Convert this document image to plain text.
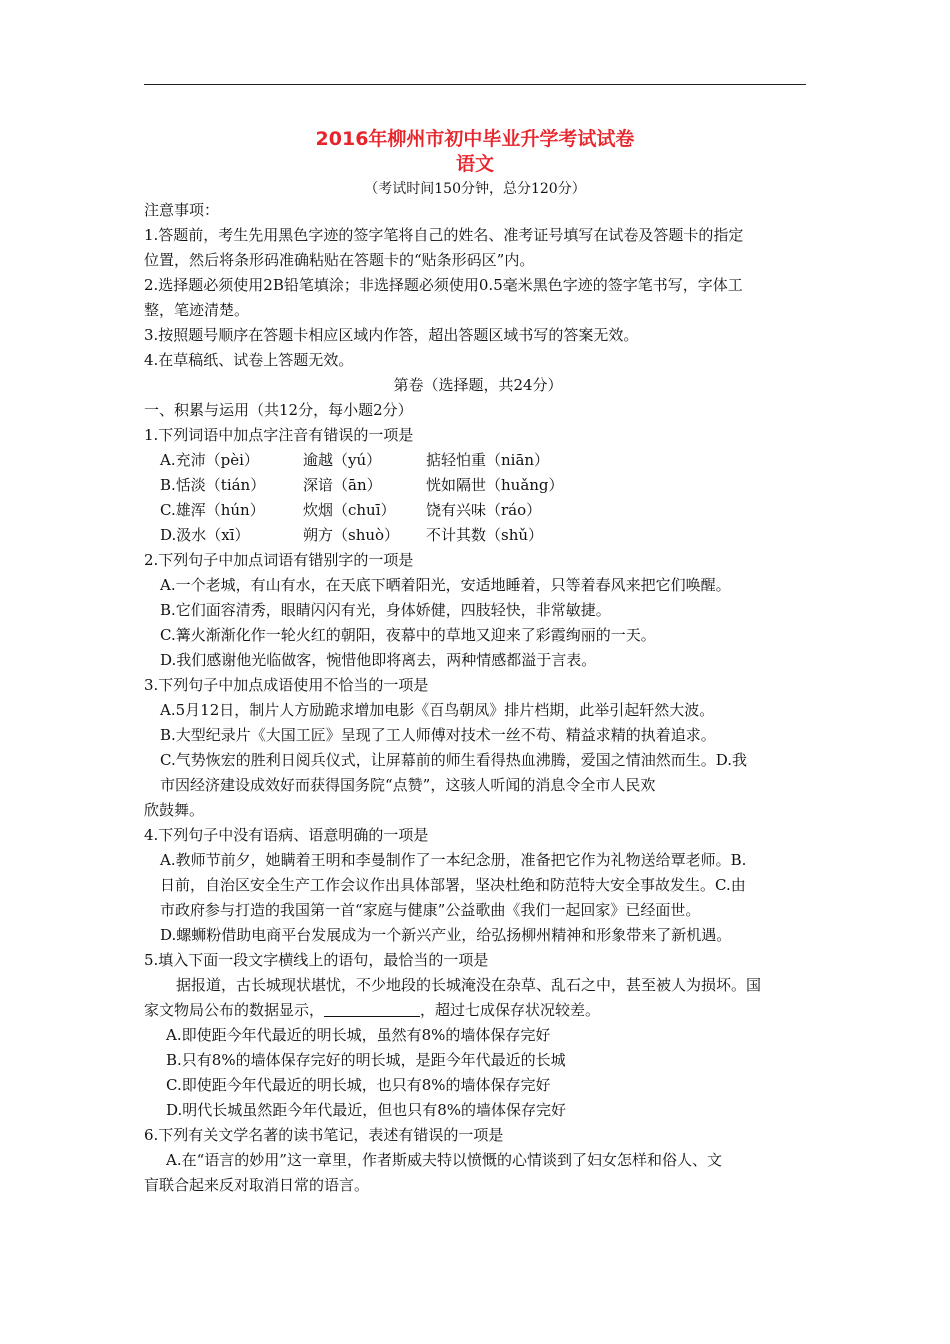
2016年柳州市初中毕业升学考试试卷
语文
（考试时间150分钟，总分120分）
注意事项：
1.答题前，考生先用黑色字迹的签字笔将自己的姓名、准考证号填写在试卷及答题卡的指定
位置，然后将条形码准确粘贴在答题卡的“贴条形码区”内。
2.选择题必须使用2B铅笔填涂；非选择题必须使用0.5毫米黑色字迹的签字笔书写，字体工
整，笔迹清楚。
3.按照题号顺序在答题卡相应区域内作答，超出答题区域书写的答案无效。
4.在草稿纸、试卷上答题无效。
第卷（选择题，共24分）
一、积累与运用（共12分，每小题2分）
1.下列词语中加点字注音有错误的一项是
A.充沛（pèi）	逾越（yú）	掂轻怕重（niān）
B.恬淡（tián）	深谙（ān）	恍如隔世（huǎng）
C.雄浑（hún）	炊烟（chuī） 饶有兴味（ráo）
D.汲水（xī）	朔方（shuò） 不计其数（shǔ）
2.下列句子中加点词语有错别字的一项是
A.一个老城，有山有水，在天底下晒着阳光，安适地睡着，只等着春风来把它们唤醒。
B.它们面容清秀，眼睛闪闪有光，身体娇健，四肢轻快，非常敏捷。
C.篝火渐渐化作一轮火红的朝阳，夜幕中的草地又迎来了彩霞绚丽的一天。
D.我们感谢他光临做客，惋惜他即将离去，两种情感都溢于言表。
3.下列句子中加点成语使用不恰当的一项是
A.5月12日，制片人方励跪求增加电影《百鸟朝凤》排片档期，此举引起轩然大波。
B.大型纪录片《大国工匠》呈现了工人师傅对技术一丝不苟、精益求精的执着追求。
C.气势恢宏的胜利日阅兵仪式，让屏幕前的师生看得热血沸腾，爱国之情油然而生。D.我
市因经济建设成效好而获得国务院“点赞”，这骇人听闻的消息令全市人民欢
欣鼓舞。
4.下列句子中没有语病、语意明确的一项是
A.教师节前夕，她瞒着王明和李曼制作了一本纪念册，准备把它作为礼物送给覃老师。B.
日前，自治区安全生产工作会议作出具体部署，坚决杜绝和防范特大安全事故发生。C.由
市政府参与打造的我国第一首“家庭与健康”公益歌曲《我们一起回家》已经面世。
D.螺蛳粉借助电商平台发展成为一个新兴产业，给弘扬柳州精神和形象带来了新机遇。
5.填入下面一段文字横线上的语句，最恰当的一项是
据报道，古长城现状堪忧，不少地段的长城淹没在杂草、乱石之中，甚至被人为损坏。国
家文物局公布的数据显示，	，超过七成保存状况较差。
A.即使距今年代最近的明长城，虽然有8%的墙体保存完好
B.只有8%的墙体保存完好的明长城，是距今年代最近的长城
C.即使距今年代最近的明长城，也只有8%的墙体保存完好
D.明代长城虽然距今年代最近，但也只有8%的墙体保存完好
6.下列有关文学名著的读书笔记，表述有错误的一项是
A.在“语言的妙用”这一章里，作者斯威夫特以愤慨的心情谈到了妇女怎样和俗人、文
盲联合起来反对取消日常的语言。
